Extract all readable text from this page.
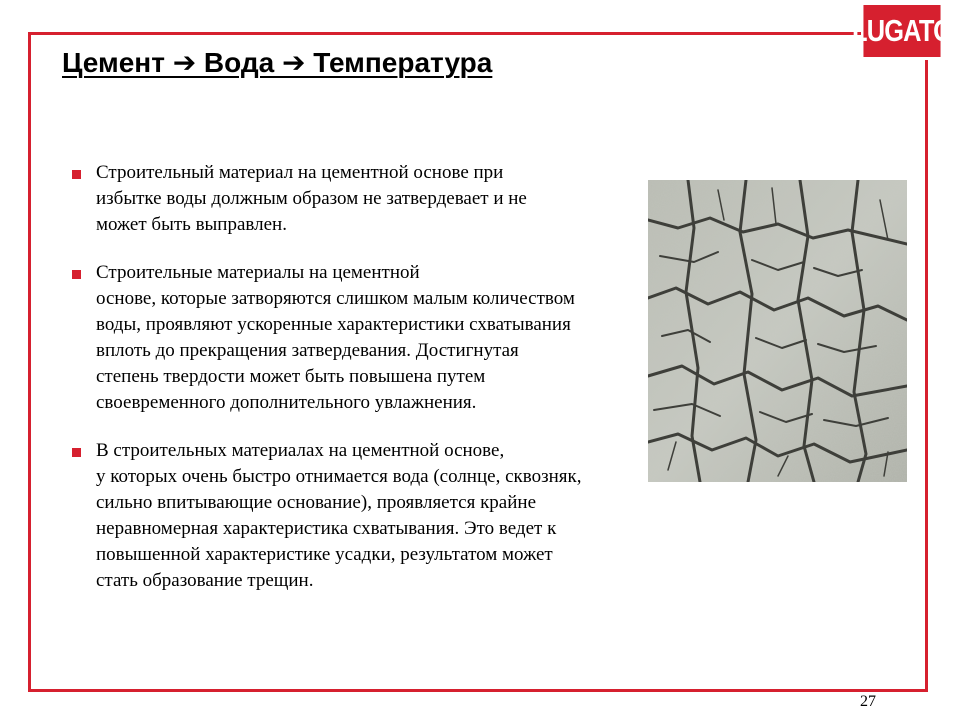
LUGATO
Цемент ➔ Вода ➔ Температура
Строительный материал на цементной основе при
избытке воды должным образом не затвердевает и не
может быть выправлен.
Строительные материалы на цементной
основе, которые затворяются слишком малым количеством
воды, проявляют ускоренные характеристики схватывания
вплоть до прекращения затвердевания. Достигнутая
степень твердости может быть повышена путем
своевременного дополнительного увлажнения.
В строительных материалах на цементной основе,
у которых очень быстро отнимается вода (солнце, сквозняк,
сильно впитывающие основание), проявляется крайне
неравномерная характеристика схватывания. Это ведет к
повышенной характеристике усадки, результатом может
стать образование трещин.
27
